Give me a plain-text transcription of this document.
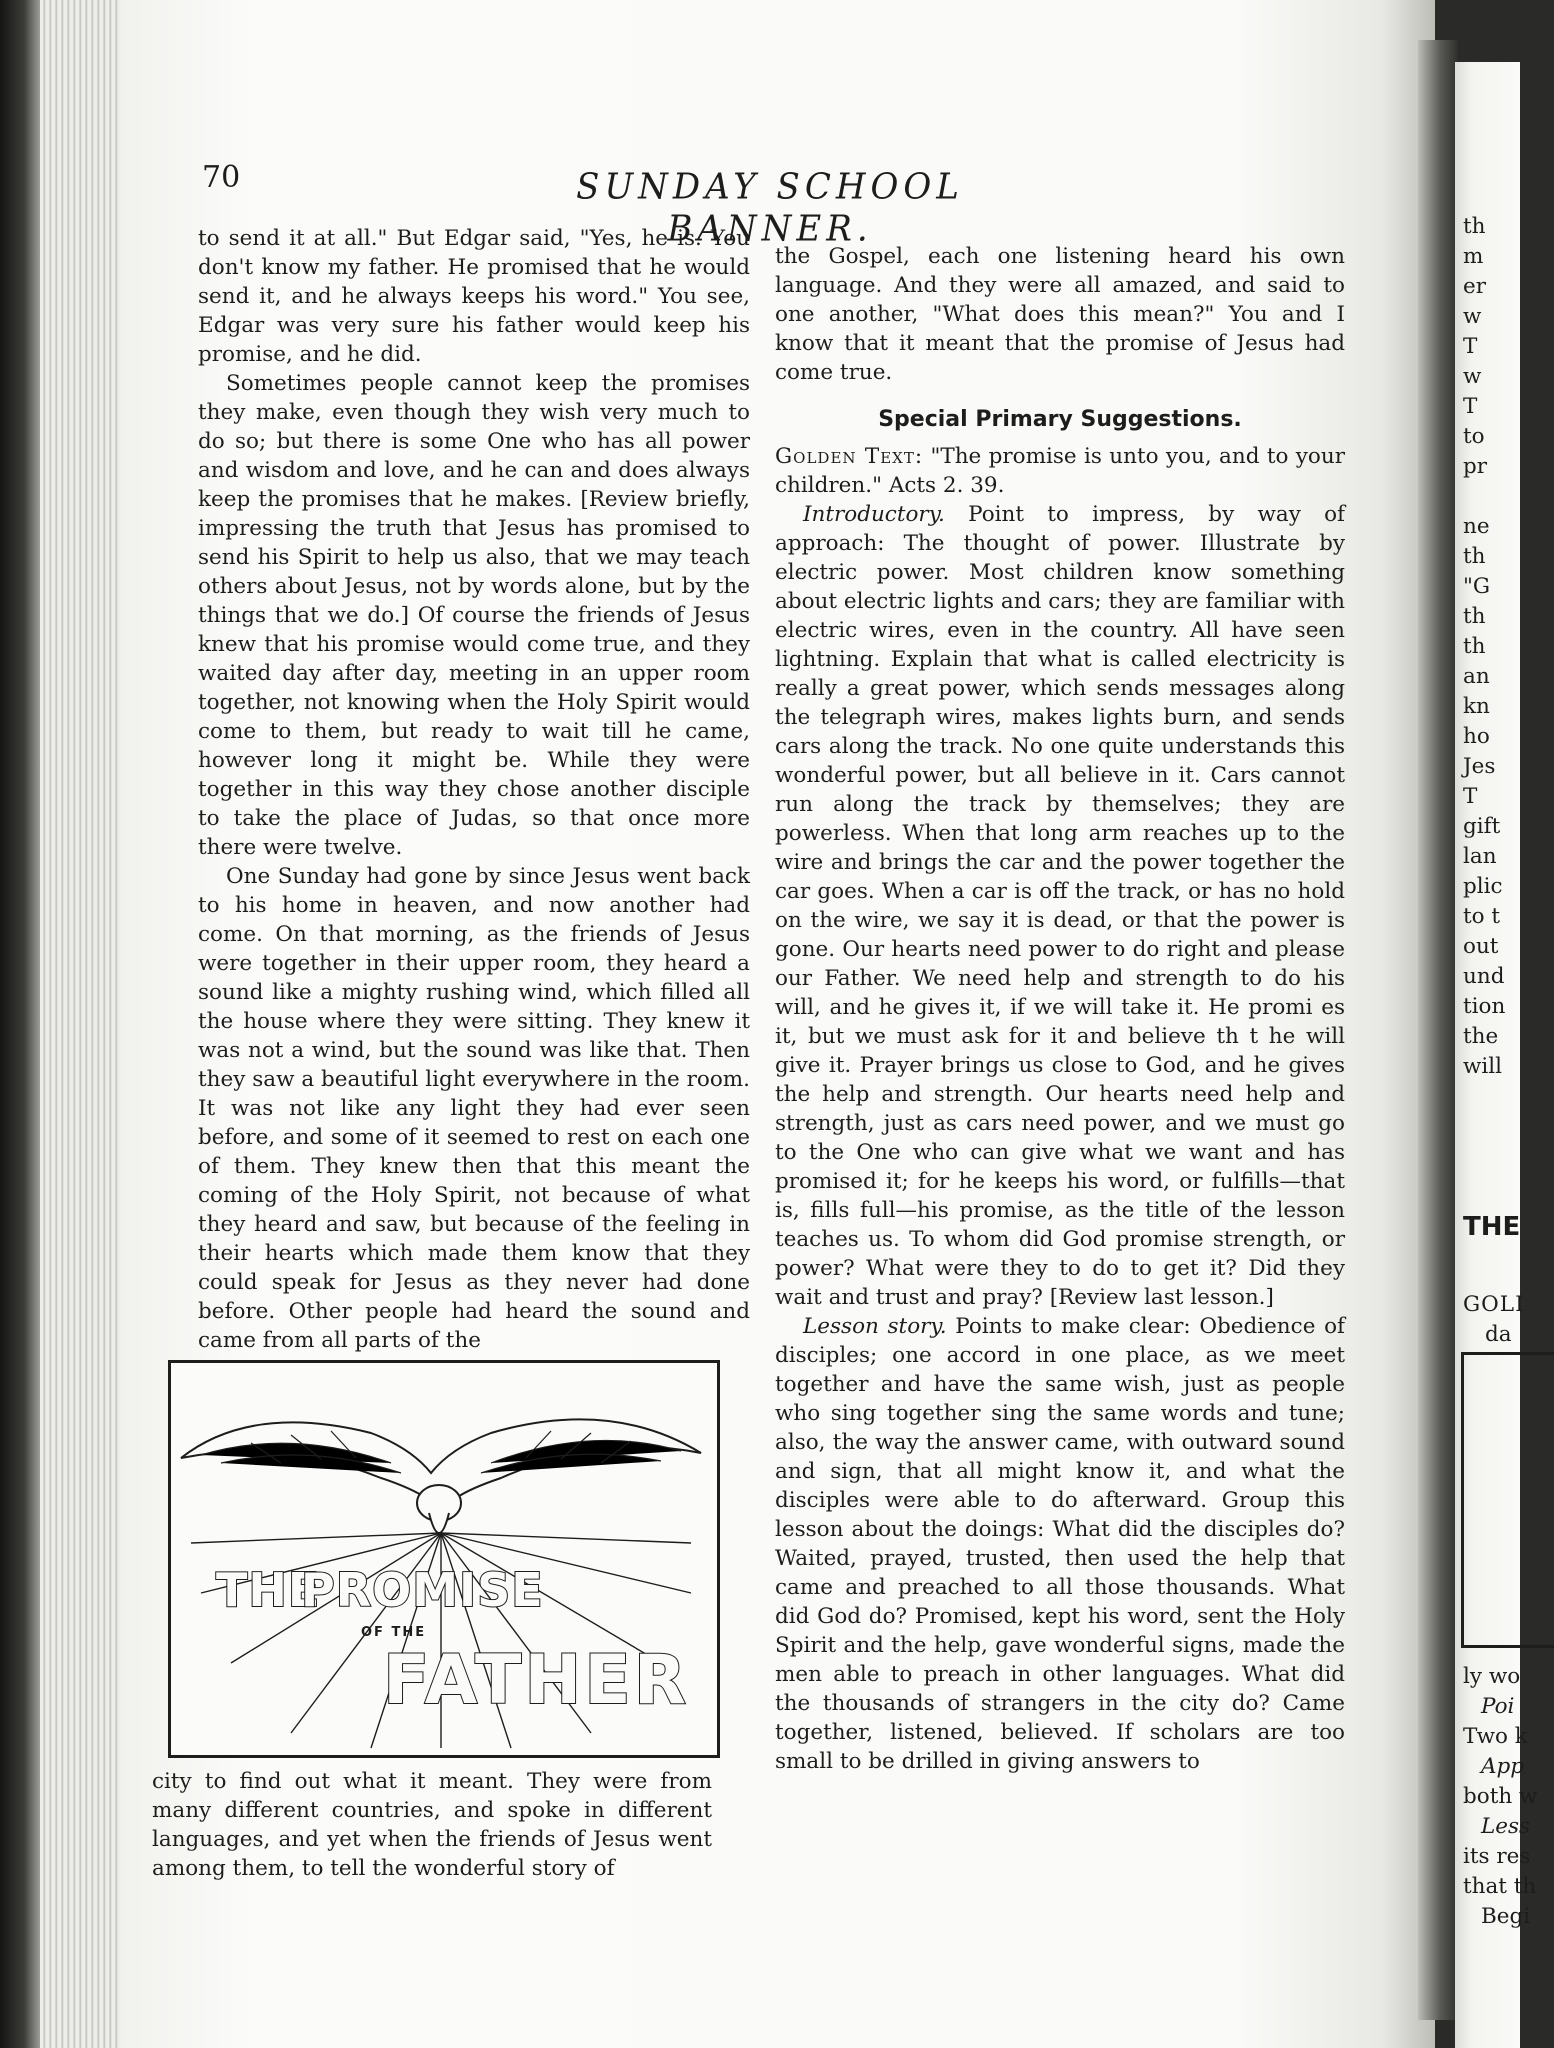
th
m
er
w
T
w
T
to
pr
ne
th
"G
th
th
an
kn
ho
Jes
T
gift
lan
plic
to t
out
und
tion
the
will
THE
GOLI
da
ly wo
Poi
Two k
App
both w
Less
its res
that th
Begi
70	SUNDAY SCHOOL BANNER.

to send it at all." But Edgar said, "Yes, he is. You don't know my father. He promised that he would send it, and he always keeps his word." You see, Edgar was very sure his father would keep his promise, and he did.

Sometimes people cannot keep the promises they make, even though they wish very much to do so; but there is some One who has all power and wisdom and love, and he can and does always keep the promises that he makes. [Review briefly, impressing the truth that Jesus has promised to send his Spirit to help us also, that we may teach others about Jesus, not by words alone, but by the things that we do.] Of course the friends of Jesus knew that his promise would come true, and they waited day after day, meeting in an upper room together, not knowing when the Holy Spirit would come to them, but ready to wait till he came, however long it might be. While they were together in this way they chose another disciple to take the place of Judas, so that once more there were twelve.

One Sunday had gone by since Jesus went back to his home in heaven, and now another had come. On that morning, as the friends of Jesus were together in their upper room, they heard a sound like a mighty rushing wind, which filled all the house where they were sitting. They knew it was not a wind, but the sound was like that. Then they saw a beautiful light everywhere in the room. It was not like any light they had ever seen before, and some of it seemed to rest on each one of them. They knew then that this meant the coming of the Holy Spirit, not because of what they heard and saw, but because of the feeling in their hearts which made them know that they could speak for Jesus as they never had done before. Other people had heard the sound and came from all parts of the

THE
PROMISE
OF THE
FATHER

city to find out what it meant. They were from many different countries, and spoke in different languages, and yet when the friends of Jesus went among them, to tell the wonderful story of

the Gospel, each one listening heard his own language. And they were all amazed, and said to one another, "What does this mean?" You and I know that it meant that the promise of Jesus had come true.

Special Primary Suggestions.

Golden Text: "The promise is unto you, and to your children." Acts 2. 39.

Introductory. Point to impress, by way of approach: The thought of power. Illustrate by electric power. Most children know something about electric lights and cars; they are familiar with electric wires, even in the country. All have seen lightning. Explain that what is called electricity is really a great power, which sends messages along the telegraph wires, makes lights burn, and sends cars along the track. No one quite understands this wonderful power, but all believe in it. Cars cannot run along the track by themselves; they are powerless. When that long arm reaches up to the wire and brings the car and the power together the car goes. When a car is off the track, or has no hold on the wire, we say it is dead, or that the power is gone. Our hearts need power to do right and please our Father. We need help and strength to do his will, and he gives it, if we will take it. He promi es it, but we must ask for it and believe th t he will give it. Prayer brings us close to God, and he gives the help and strength. Our hearts need help and strength, just as cars need power, and we must go to the One who can give what we want and has promised it; for he keeps his word, or fulfills—that is, fills full—his promise, as the title of the lesson teaches us. To whom did God promise strength, or power? What were they to do to get it? Did they wait and trust and pray? [Review last lesson.]

Lesson story. Points to make clear: Obedience of disciples; one accord in one place, as we meet together and have the same wish, just as people who sing together sing the same words and tune; also, the way the answer came, with outward sound and sign, that all might know it, and what the disciples were able to do afterward. Group this lesson about the doings: What did the disciples do? Waited, prayed, trusted, then used the help that came and preached to all those thousands. What did God do? Promised, kept his word, sent the Holy Spirit and the help, gave wonderful signs, made the men able to preach in other languages. What did the thousands of strangers in the city do? Came together, listened, believed. If scholars are too small to be drilled in giving answers to
